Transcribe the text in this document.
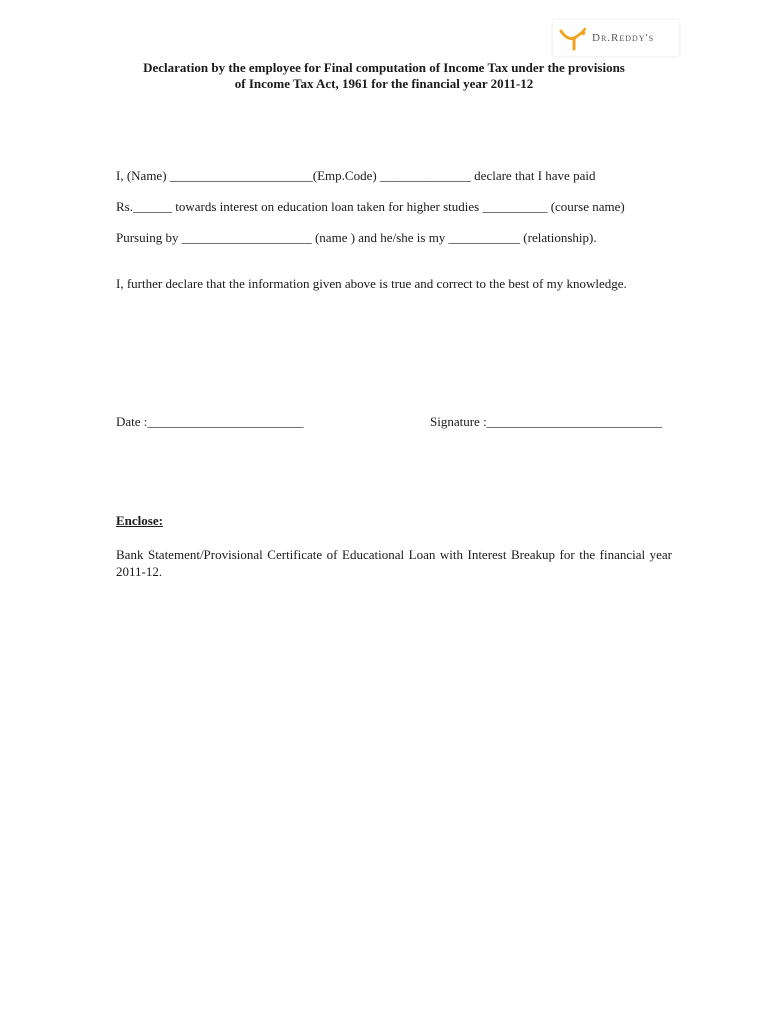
Dr.Reddy's
Declaration by the employee for Final computation of Income Tax under the provisions
of Income Tax Act, 1961 for the financial year 2011-12
I, (Name) ______________________(Emp.Code) ______________ declare that I have paid
Rs.______ towards interest on education loan taken for higher studies __________ (course name)
Pursuing by ____________________ (name ) and he/she is my ___________ (relationship).
I, further declare that the information given above is true and correct to the best of my knowledge.
Date :________________________	Signature :___________________________
Enclose:
Bank Statement/Provisional Certificate of Educational Loan with Interest Breakup for the financial year 2011-12.
